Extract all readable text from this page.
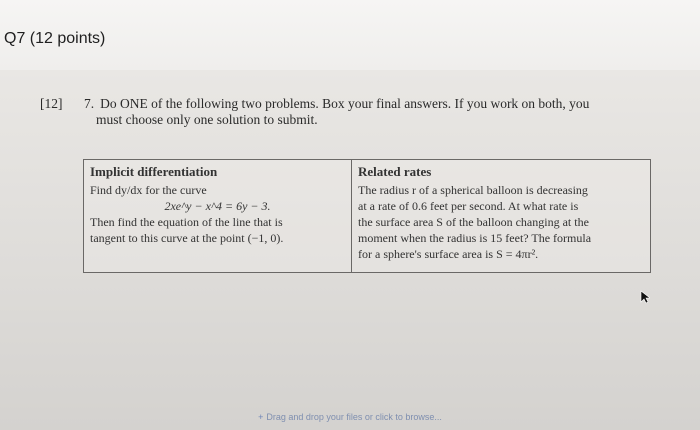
Q7 (12 points)
[12] 7. Do ONE of the following two problems. Box your final answers. If you work on both, you
must choose only one solution to submit.
Implicit differentiation
Find dy/dx for the curve
2xe^y − x^4 = 6y − 3.
Then find the equation of the line that is
tangent to this curve at the point (−1, 0).
Related rates
The radius r of a spherical balloon is decreasing
at a rate of 0.6 feet per second. At what rate is
the surface area S of the balloon changing at the
moment when the radius is 15 feet? The formula
for a sphere's surface area is S = 4πr².
+ Drag and drop your files or click to browse...
